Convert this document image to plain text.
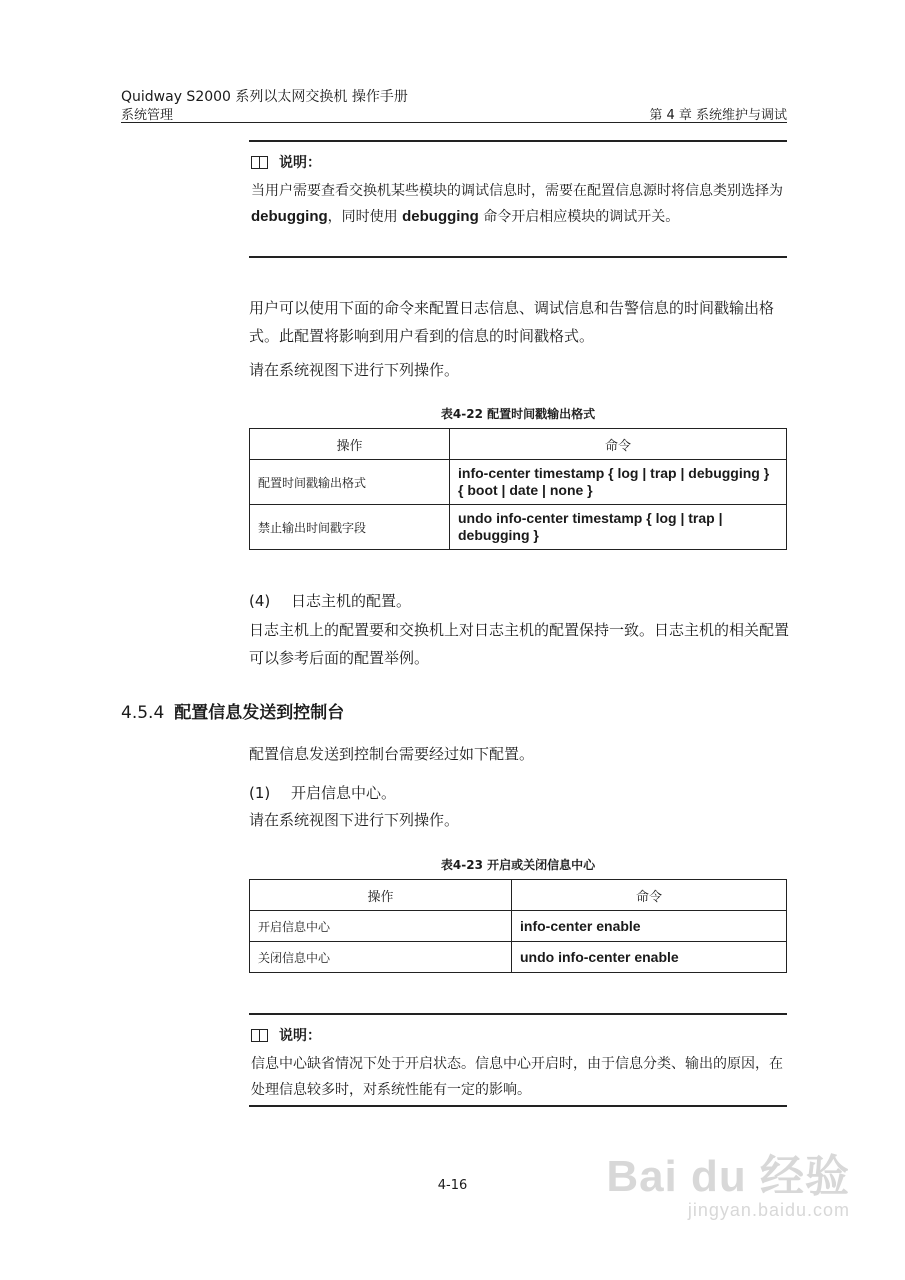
Quidway S2000 系列以太网交换机 操作手册
系统管理	第 4 章 系统维护与调试
说明：
当用户需要查看交换机某些模块的调试信息时，需要在配置信息源时将信息类别选择为 debugging，同时使用 debugging 命令开启相应模块的调试开关。
用户可以使用下面的命令来配置日志信息、调试信息和告警信息的时间戳输出格式。此配置将影响到用户看到的信息的时间戳格式。
请在系统视图下进行下列操作。
表4-22 配置时间戳输出格式
操作	命令
配置时间戳输出格式	info-center timestamp { log | trap | debugging }
{ boot | date | none }

禁止输出时间戳字段	undo info-center timestamp { log | trap |
debugging }
(4) 日志主机的配置。
日志主机上的配置要和交换机上对日志主机的配置保持一致。日志主机的相关配置可以参考后面的配置举例。
4.5.4 配置信息发送到控制台
配置信息发送到控制台需要经过如下配置。
(1) 开启信息中心。
请在系统视图下进行下列操作。
表4-23 开启或关闭信息中心
操作	命令
开启信息中心	info-center enable
关闭信息中心	undo info-center enable
说明：
信息中心缺省情况下处于开启状态。信息中心开启时，由于信息分类、输出的原因，在处理信息较多时，对系统性能有一定的影响。
4-16	Bai du 经验
jingyan.baidu.com
